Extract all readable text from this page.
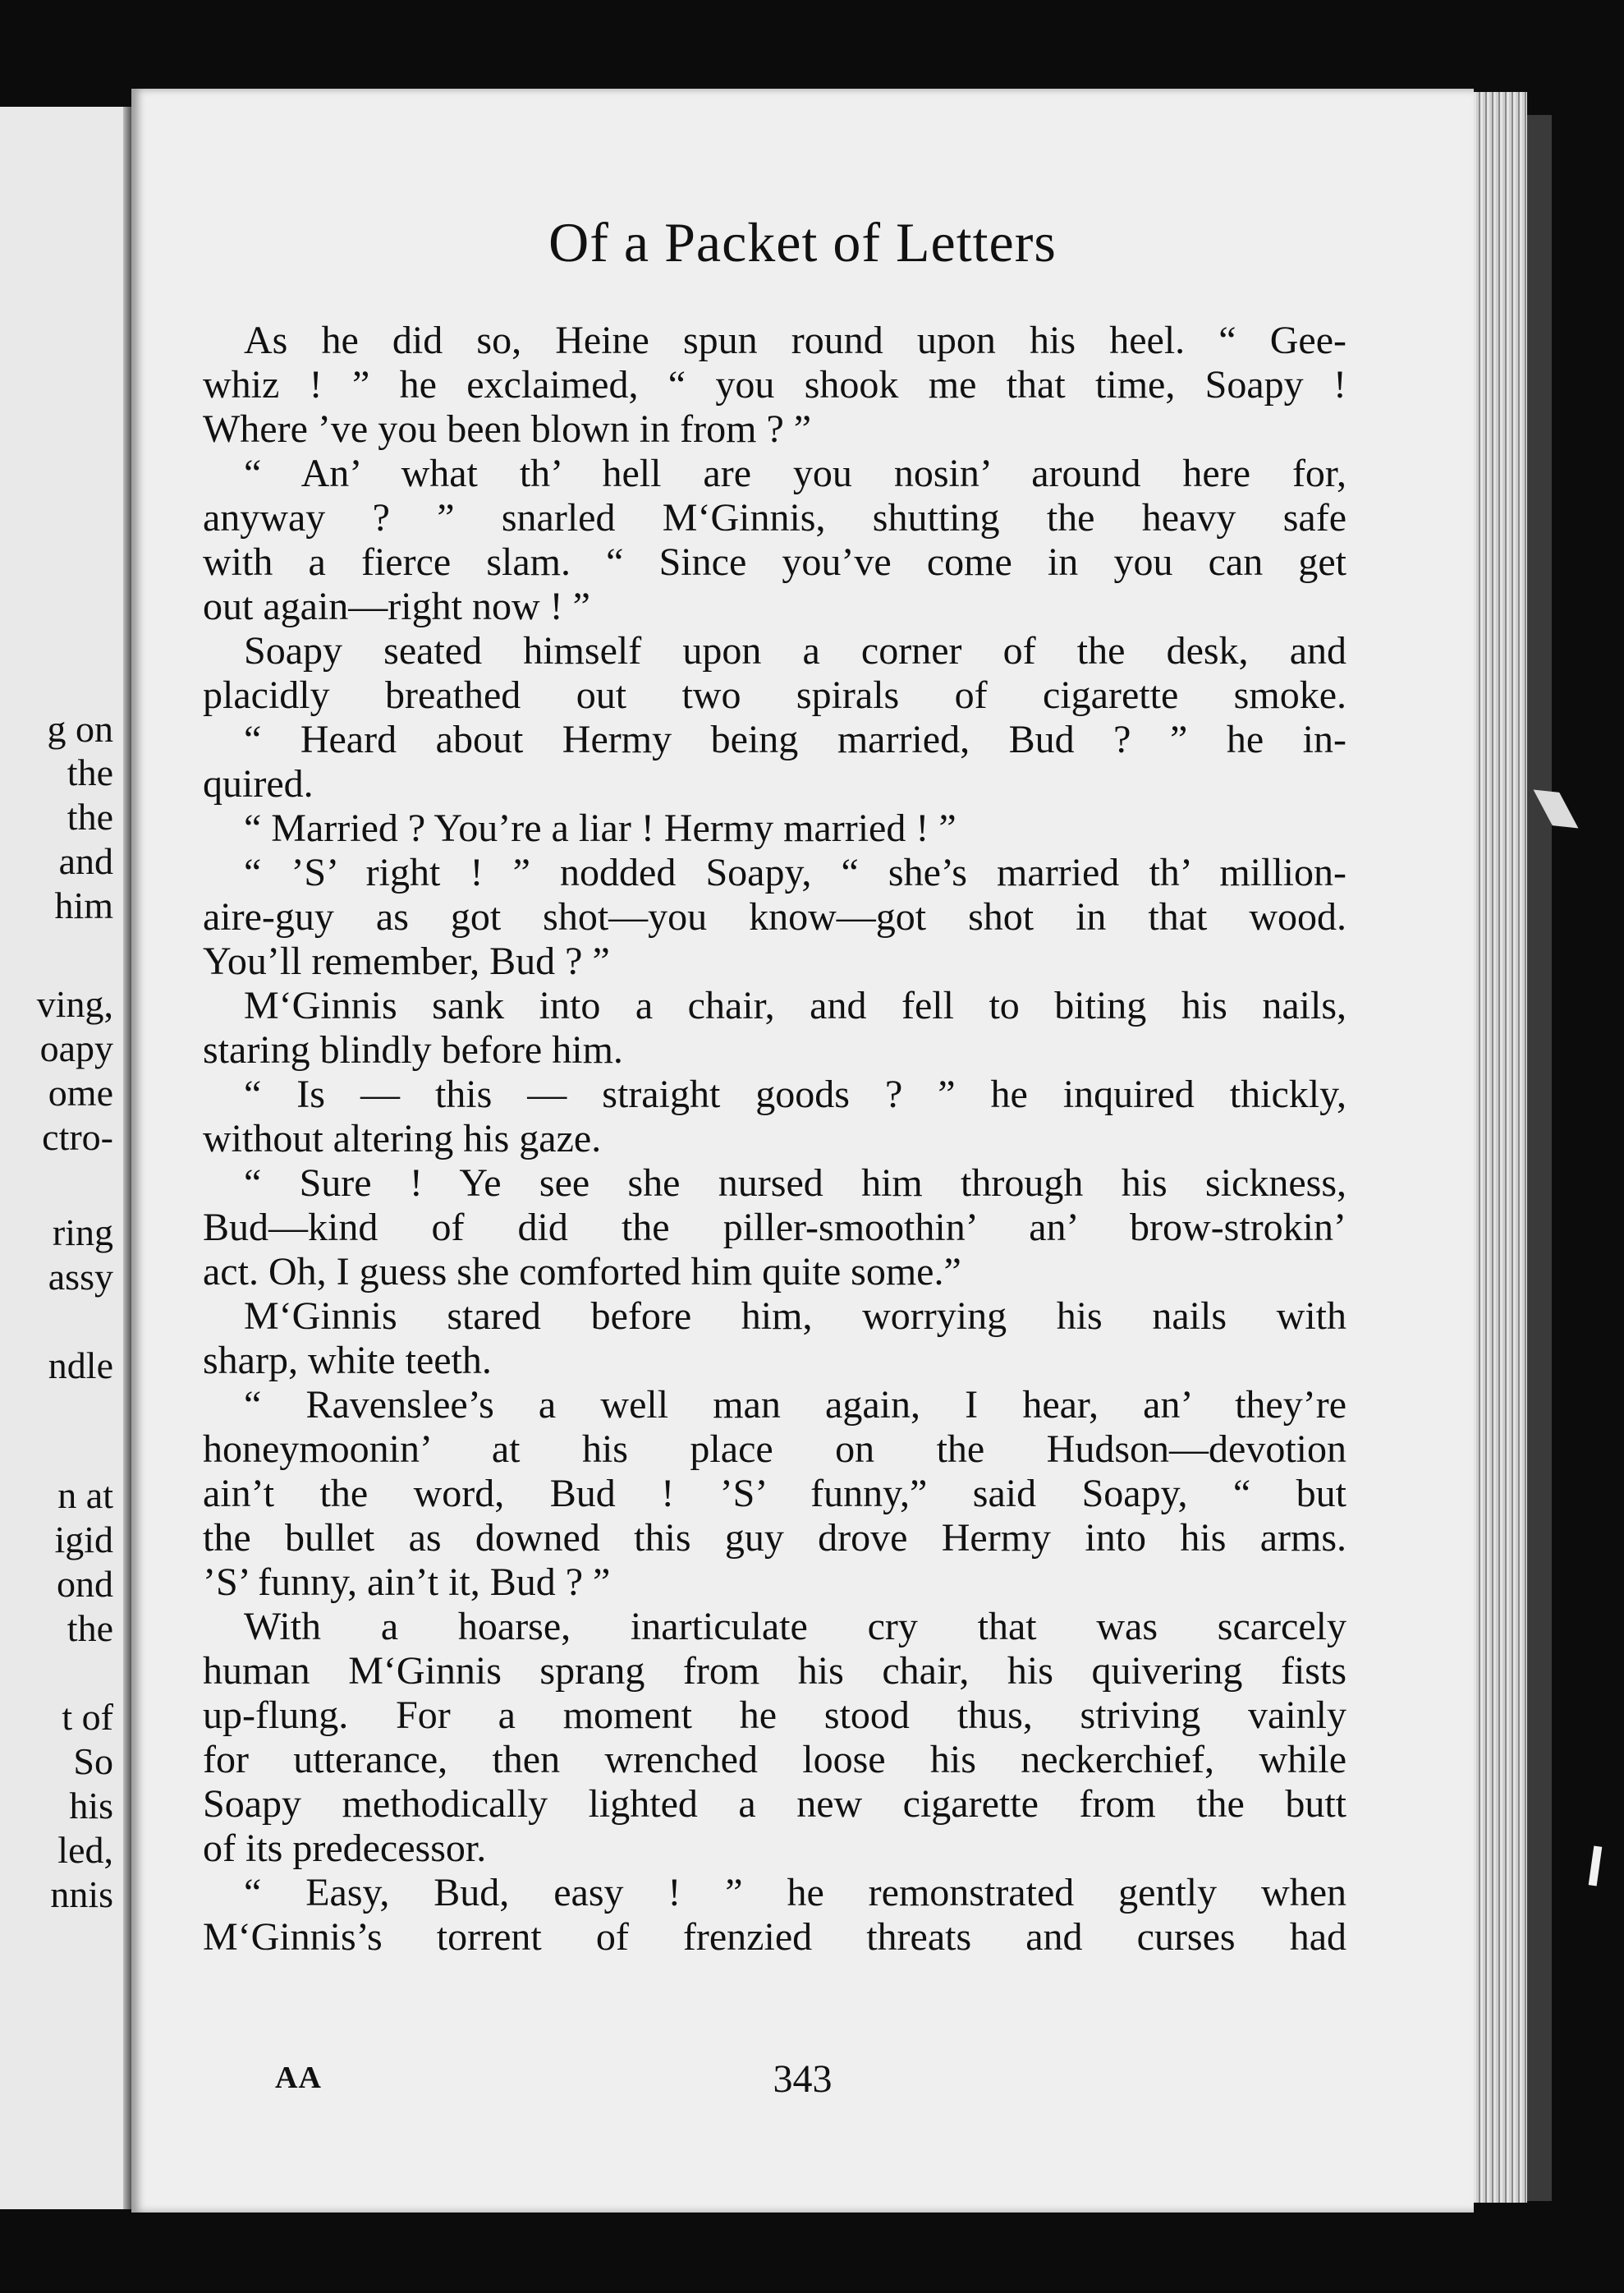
g on
the
the
and
him
ving,
oapy
ome
ctro-
ring
assy
ndle
n at
igid
ond
the
t of
So
his
led,
nnis
Of a Packet of Letters
As he did so, Heine spun round upon his heel. “ Gee-
whiz ! ” he exclaimed, “ you shook me that time, Soapy !
Where ’ve you been blown in from ? ”
“ An’ what th’ hell are you nosin’ around here for,
anyway ? ” snarled M‘Ginnis, shutting the heavy safe
with a fierce slam. “ Since you’ve come in you can get
out again—right now ! ”
Soapy seated himself upon a corner of the desk, and
placidly breathed out two spirals of cigarette smoke.
“ Heard about Hermy being married, Bud ? ” he in-
quired.
“ Married ? You’re a liar ! Hermy married ! ”
“ ’S’ right ! ” nodded Soapy, “ she’s married th’ million-
aire-guy as got shot—you know—got shot in that wood.
You’ll remember, Bud ? ”
M‘Ginnis sank into a chair, and fell to biting his nails,
staring blindly before him.
“ Is — this — straight goods ? ” he inquired thickly,
without altering his gaze.
“ Sure ! Ye see she nursed him through his sickness,
Bud—kind of did the piller-smoothin’ an’ brow-strokin’
act. Oh, I guess she comforted him quite some.”
M‘Ginnis stared before him, worrying his nails with
sharp, white teeth.
“ Ravenslee’s a well man again, I hear, an’ they’re
honeymoonin’ at his place on the Hudson—devotion
ain’t the word, Bud ! ’S’ funny,” said Soapy, “ but
the bullet as downed this guy drove Hermy into his arms.
’S’ funny, ain’t it, Bud ? ”
With a hoarse, inarticulate cry that was scarcely
human M‘Ginnis sprang from his chair, his quivering fists
up-flung. For a moment he stood thus, striving vainly
for utterance, then wrenched loose his neckerchief, while
Soapy methodically lighted a new cigarette from the butt
of its predecessor.
“ Easy, Bud, easy ! ” he remonstrated gently when
M‘Ginnis’s torrent of frenzied threats and curses had
AA	343
